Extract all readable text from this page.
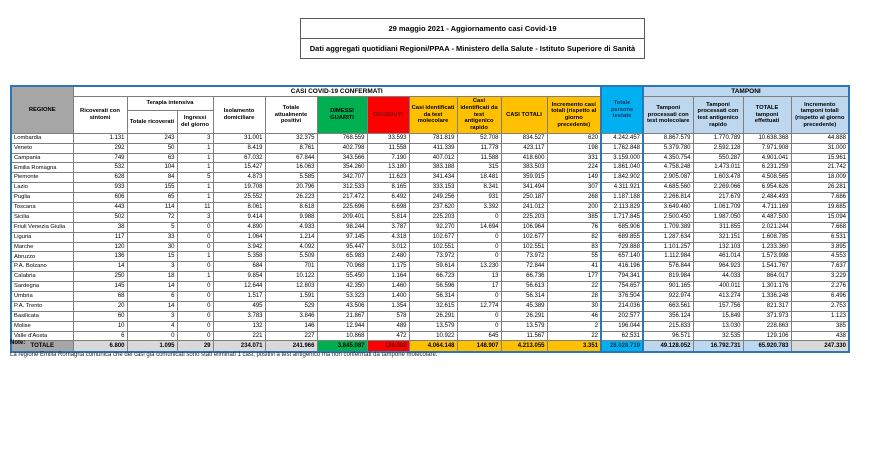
29 maggio 2021 - Aggiornamento casi Covid-19
Dati aggregati quotidiani Regioni/PPAA - Ministero della Salute - Istituto Superiore di Sanità
REGIONE	CASI COVID-19 CONFERMATI											Totale persone testate	TAMPONI			
	Ricoverati con sintomi	Terapia intensiva		Isolamento domiciliare	Totale attualmente positivi	DIMESSI GUARITI	DECEDUTI	Casi identificati da test molecolare	Casi identificati da test antigenico rapido	CASI TOTALI	Incremento casi totali (rispetto al giorno precedente)		Tamponi processati con test molecolare	Tamponi processati con test antigenico rapido	TOTALE tamponi effettuati	Incremento tamponi totali (rispetto al giorno precedente)
		Totale ricoverati	Ingressi del giorno													
Lombardia	1.131	243	3	31.001	32.375	768.559	33.593	781.819	52.708	834.527	620	4.242.457	8.867.579	1.770.789	10.638.368	44.888
Veneto	292	50	1	8.419	8.761	402.798	11.558	411.339	11.778	423.117	198	1.762.848	5.379.780	2.592.128	7.971.908	31.000
Campania	749	63	1	67.032	67.844	343.566	7.190	407.012	11.588	418.600	331	3.159.000	4.350.754	550.287	4.901.041	15.961
Emilia Romagna	532	104	1	15.427	16.063	354.260	13.180	383.188	315	383.503	224	1.861.040	4.758.248	1.473.011	6.231.259	21.742
Piemonte	628	84	5	4.873	5.585	342.707	11.623	341.434	18.481	359.915	149	1.842.902	2.905.087	1.603.478	4.508.565	18.009
Lazio	933	155	1	19.708	20.796	312.533	8.165	333.153	8.341	341.494	307	4.311.921	4.685.560	2.269.066	6.954.626	26.281
Puglia	606	65	1	25.552	26.223	217.472	6.492	249.256	931	250.187	268	1.187.188	2.266.814	217.679	2.484.493	7.686
Toscana	443	114	11	8.061	8.618	225.696	6.698	237.620	3.392	241.012	200	2.113.829	3.649.460	1.061.709	4.711.169	19.685
Sicilia	502	72	3	9.414	9.988	209.401	5.814	225.203	0	225.203	385	1.717.845	2.500.450	1.987.050	4.487.500	15.094
Friuli Venezia Giulia	38	5	0	4.890	4.933	98.244	3.787	92.270	14.694	106.964	76	685.906	1.709.389	311.855	2.021.244	7.668
Liguria	117	33	0	1.064	1.214	97.145	4.318	102.677	0	102.677	82	689.855	1.287.634	321.151	1.608.785	6.531
Marche	120	30	0	3.942	4.092	95.447	3.012	102.551	0	102.551	83	729.888	1.101.257	132.103	1.233.360	3.895
Abruzzo	136	15	1	5.358	5.509	65.983	2.480	73.972	0	73.972	55	657.140	1.112.984	461.014	1.573.998	4.553
P.A. Bolzano	14	3	0	684	701	70.968	1.175	59.614	13.230	72.844	41	416.196	576.844	964.923	1.541.767	7.637
Calabria	250	18	1	9.854	10.122	55.450	1.164	66.723	13	66.736	177	794.341	819.984	44.033	864.017	3.229
Sardegna	145	14	0	12.644	12.803	42.350	1.460	56.596	17	56.613	22	754.657	901.165	400.011	1.301.176	2.276
Umbria	68	6	0	1.517	1.591	53.323	1.400	56.314	0	56.314	28	376.504	922.974	413.274	1.336.248	6.496
P.A. Trento	20	14	0	495	529	43.506	1.354	32.615	12.774	45.389	30	214.036	663.561	157.756	821.317	2.753
Basilicata	60	3	0	3.783	3.846	21.867	578	26.291	0	26.291	46	202.577	356.124	15.849	371.973	1.123
Molise	10	4	0	132	146	12.944	489	13.579	0	13.579	2	196.044	215.833	13.030	228.863	385
Valle d'Aosta	6	0	0	221	227	10.868	472	10.922	645	11.567	22	62.531	96.571	32.535	129.106	438
TOTALE	6.800	1.095	29	234.071	241.966	3.845.087	126.002	4.064.148	148.907	4.213.055	3.351	28.028.719	49.128.052	16.792.731	65.920.783	247.330
Note:
La regione Emilia Romagna comunica che dei casi già comunicati sono stati eliminati 1 casi, positivi a test antigenico ma non confermati da tampone molecolare.
